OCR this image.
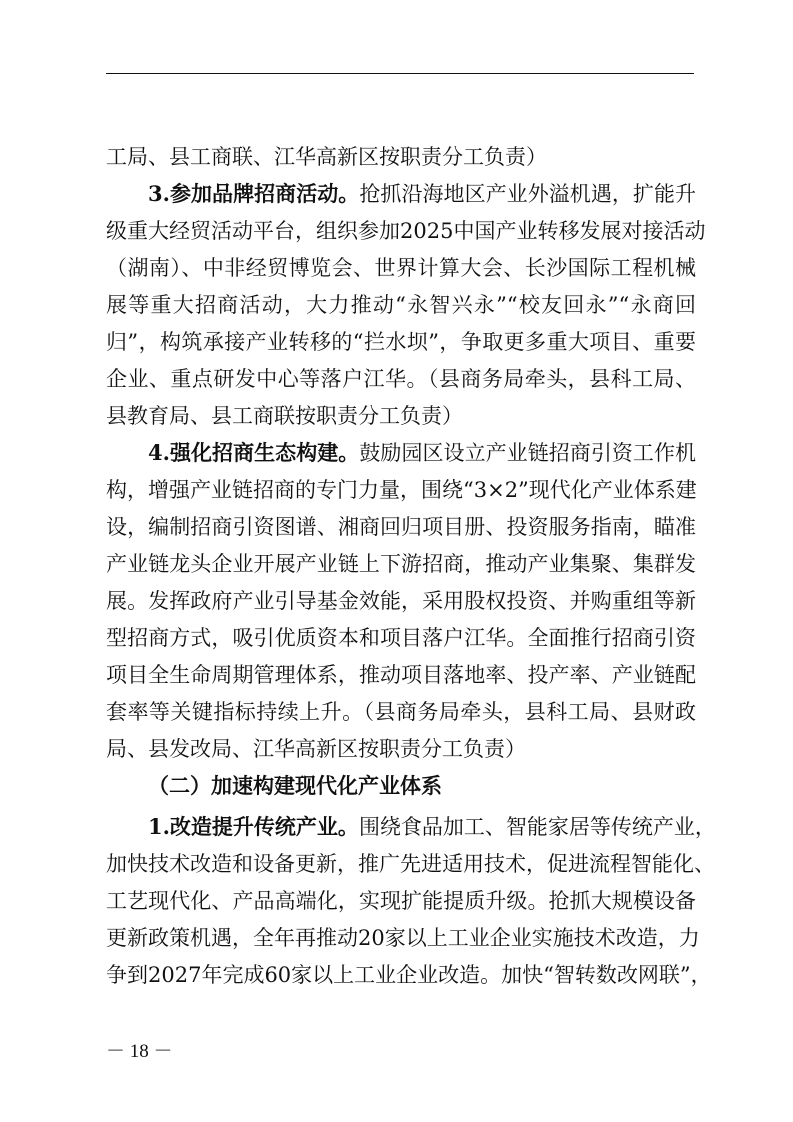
工局、县工商联、江华高新区按职责分工负责）
3.参加品牌招商活动。抢抓沿海地区产业外溢机遇，扩能升
级重大经贸活动平台，组织参加2025中国产业转移发展对接活动
（湖南）、中非经贸博览会、世界计算大会、长沙国际工程机械
展等重大招商活动，大力推动“永智兴永”“校友回永”“永商回
归”，构筑承接产业转移的“拦水坝”，争取更多重大项目、重要
企业、重点研发中心等落户江华。（县商务局牵头，县科工局、
县教育局、县工商联按职责分工负责）
4.强化招商生态构建。鼓励园区设立产业链招商引资工作机
构，增强产业链招商的专门力量，围绕“3×2”现代化产业体系建
设，编制招商引资图谱、湘商回归项目册、投资服务指南，瞄准
产业链龙头企业开展产业链上下游招商，推动产业集聚、集群发
展。发挥政府产业引导基金效能，采用股权投资、并购重组等新
型招商方式，吸引优质资本和项目落户江华。全面推行招商引资
项目全生命周期管理体系，推动项目落地率、投产率、产业链配
套率等关键指标持续上升。（县商务局牵头，县科工局、县财政
局、县发改局、江华高新区按职责分工负责）
（二）加速构建现代化产业体系
1.改造提升传统产业。围绕食品加工、智能家居等传统产业，
加快技术改造和设备更新，推广先进适用技术，促进流程智能化、
工艺现代化、产品高端化，实现扩能提质升级。抢抓大规模设备
更新政策机遇，全年再推动20家以上工业企业实施技术改造，力
争到2027年完成60家以上工业企业改造。加快“智转数改网联”，
－ 18 －
